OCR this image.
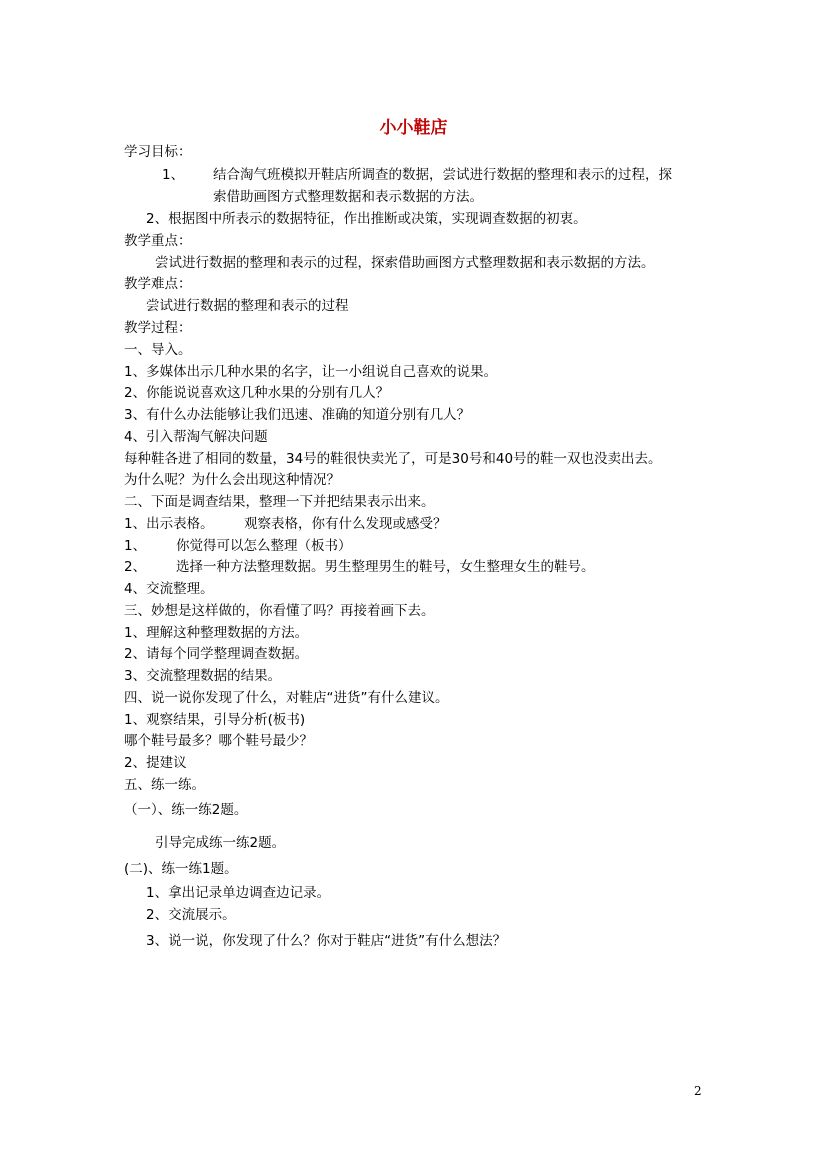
小小鞋店
学习目标：
1、 结合淘气班模拟开鞋店所调查的数据，尝试进行数据的整理和表示的过程，探
索借助画图方式整理数据和表示数据的方法。
2、根据图中所表示的数据特征，作出推断或决策，实现调查数据的初衷。
教学重点：
尝试进行数据的整理和表示的过程，探索借助画图方式整理数据和表示数据的方法。
教学难点：
尝试进行数据的整理和表示的过程
教学过程：
一、导入。
1、多媒体出示几种水果的名字，让一小组说自己喜欢的说果。
2、你能说说喜欢这几种水果的分别有几人？
3、有什么办法能够让我们迅速、准确的知道分别有几人？
4、引入帮淘气解决问题
每种鞋各进了相同的数量，34号的鞋很快卖光了，可是30号和40号的鞋一双也没卖出去。
为什么呢？为什么会出现这种情况？
二、下面是调查结果，整理一下并把结果表示出来。
1、出示表格。 观察表格，你有什么发现或感受？
1、 你觉得可以怎么整理（板书）
2、 选择一种方法整理数据。男生整理男生的鞋号，女生整理女生的鞋号。
4、交流整理。
三、妙想是这样做的，你看懂了吗？再接着画下去。
1、理解这种整理数据的方法。
2、请每个同学整理调查数据。
3、交流整理数据的结果。
四、说一说你发现了什么，对鞋店“进货”有什么建议。
1、观察结果，引导分析(板书)
哪个鞋号最多？哪个鞋号最少？
2、提建议
五、练一练。
（一）、练一练2题。
引导完成练一练2题。
(二)、练一练1题。
1、拿出记录单边调查边记录。
2、交流展示。
3、说一说，你发现了什么？你对于鞋店“进货”有什么想法？
2
